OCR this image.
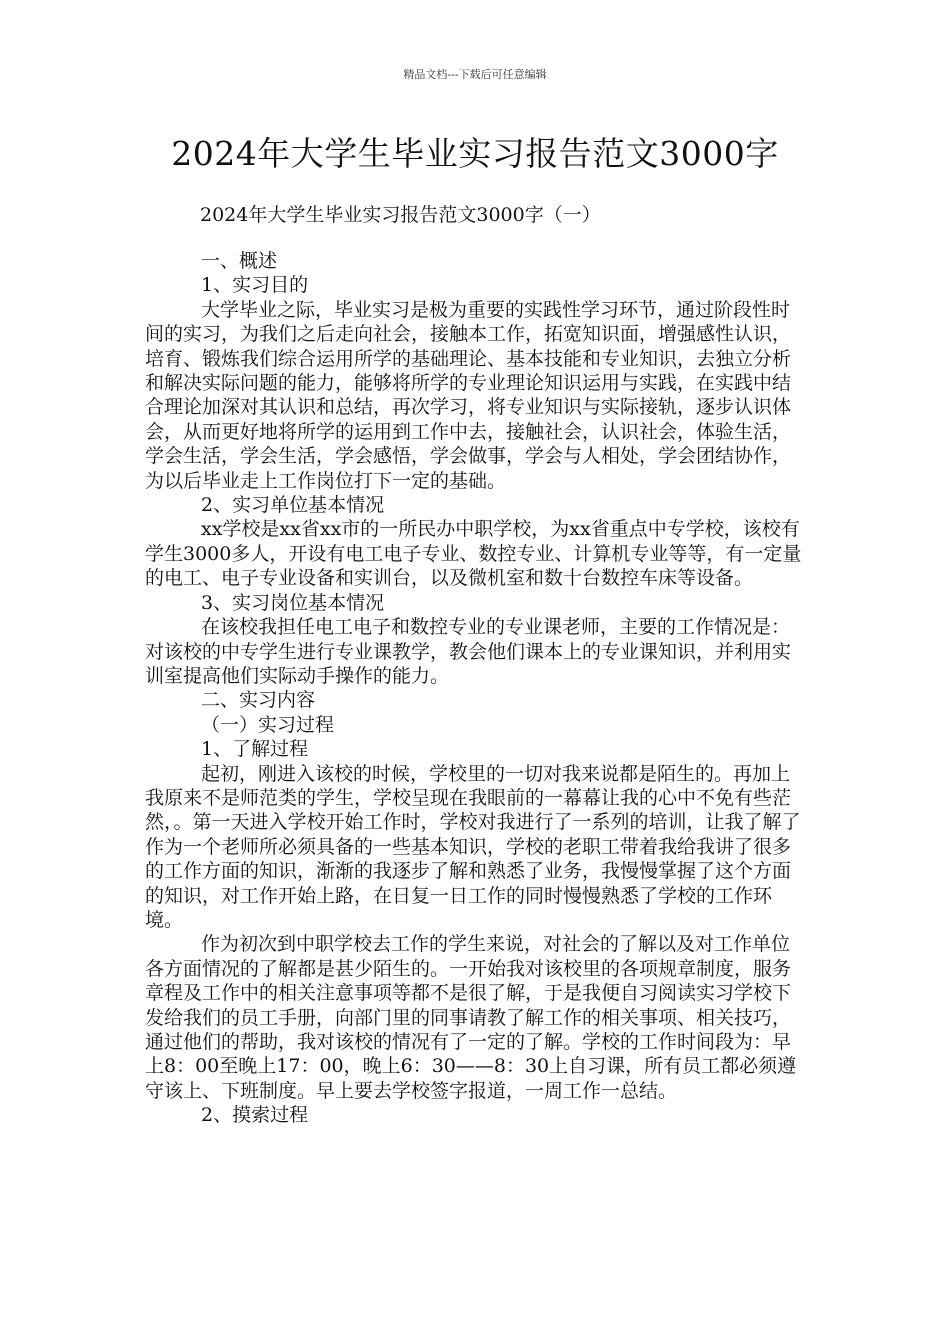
精品文档---下载后可任意编辑
2024年大学生毕业实习报告范文3000字
2024年大学生毕业实习报告范文3000字（一）

一、概述

1、实习目的

大学毕业之际，毕业实习是极为重要的实践性学习环节，通过阶段性时间的实习，为我们之后走向社会，接触本工作，拓宽知识面，增强感性认识，培育、锻炼我们综合运用所学的基础理论、基本技能和专业知识，去独立分析和解决实际问题的能力，能够将所学的专业理论知识运用与实践，在实践中结合理论加深对其认识和总结，再次学习，将专业知识与实际接轨，逐步认识体会，从而更好地将所学的运用到工作中去，接触社会，认识社会，体验生活，学会生活，学会生活，学会感悟，学会做事，学会与人相处，学会团结协作，为以后毕业走上工作岗位打下一定的基础。

2、实习单位基本情况

xx学校是xx省xx市的一所民办中职学校，为xx省重点中专学校，该校有学生3000多人，开设有电工电子专业、数控专业、计算机专业等等，有一定量的电工、电子专业设备和实训台，以及微机室和数十台数控车床等设备。

3、实习岗位基本情况

在该校我担任电工电子和数控专业的专业课老师，主要的工作情况是：对该校的中专学生进行专业课教学，教会他们课本上的专业课知识，并利用实训室提高他们实际动手操作的能力。

二、实习内容

（一）实习过程

1、了解过程

起初，刚进入该校的时候，学校里的一切对我来说都是陌生的。再加上我原来不是师范类的学生，学校呈现在我眼前的一幕幕让我的心中不免有些茫然，。第一天进入学校开始工作时，学校对我进行了一系列的培训，让我了解了作为一个老师所必须具备的一些基本知识，学校的老职工带着我给我讲了很多的工作方面的知识，渐渐的我逐步了解和熟悉了业务，我慢慢掌握了这个方面的知识，对工作开始上路，在日复一日工作的同时慢慢熟悉了学校的工作环境。

作为初次到中职学校去工作的学生来说，对社会的了解以及对工作单位各方面情况的了解都是甚少陌生的。一开始我对该校里的各项规章制度，服务章程及工作中的相关注意事项等都不是很了解，于是我便自习阅读实习学校下发给我们的员工手册，向部门里的同事请教了解工作的相关事项、相关技巧，通过他们的帮助，我对该校的情况有了一定的了解。学校的工作时间段为：早上8：00至晚上17：00，晚上6：30——8：30上自习课，所有员工都必须遵守该上、下班制度。早上要去学校签字报道，一周工作一总结。

2、摸索过程
